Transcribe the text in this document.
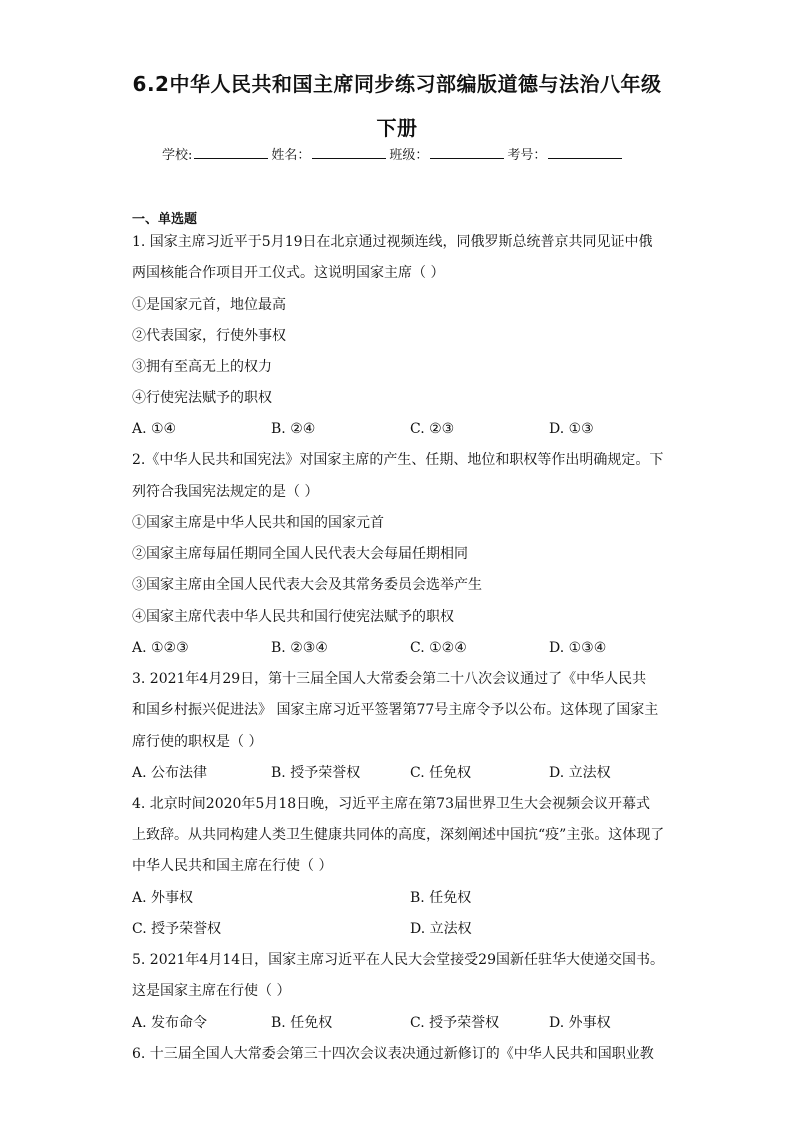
6.2中华人民共和国主席同步练习部编版道德与法治八年级
下册
学校:	姓名：	班级：	考号：
一、单选题
1. 国家主席习近平于5月19日在北京通过视频连线，同俄罗斯总统普京共同见证中俄
两国核能合作项目开工仪式。这说明国家主席（ ）
①是国家元首，地位最高
②代表国家，行使外事权
③拥有至高无上的权力
④行使宪法赋予的职权
A. ①④	B. ②④	C. ②③	D. ①③
2.《中华人民共和国宪法》对国家主席的产生、任期、地位和职权等作出明确规定。下
列符合我国宪法规定的是（ ）
①国家主席是中华人民共和国的国家元首
②国家主席每届任期同全国人民代表大会每届任期相同
③国家主席由全国人民代表大会及其常务委员会选举产生
④国家主席代表中华人民共和国行使宪法赋予的职权
A. ①②③	B. ②③④	C. ①②④	D. ①③④
3. 2021年4月29日，第十三届全国人大常委会第二十八次会议通过了《中华人民共
和国乡村振兴促进法》 国家主席习近平签署第77号主席令予以公布。这体现了国家主
席行使的职权是（ ）
A. 公布法律	B. 授予荣誉权	C. 任免权	D. 立法权
4. 北京时间2020年5月18日晚，习近平主席在第73届世界卫生大会视频会议开幕式
上致辞。从共同构建人类卫生健康共同体的高度，深刻阐述中国抗“疫”主张。这体现了
中华人民共和国主席在行使（ ）
A. 外事权	B. 任免权
C. 授予荣誉权	D. 立法权
5. 2021年4月14日，国家主席习近平在人民大会堂接受29国新任驻华大使递交国书。
这是国家主席在行使（ ）
A. 发布命令	B. 任免权	C. 授予荣誉权	D. 外事权
6. 十三届全国人大常委会第三十四次会议表决通过新修订的《中华人民共和国职业教
